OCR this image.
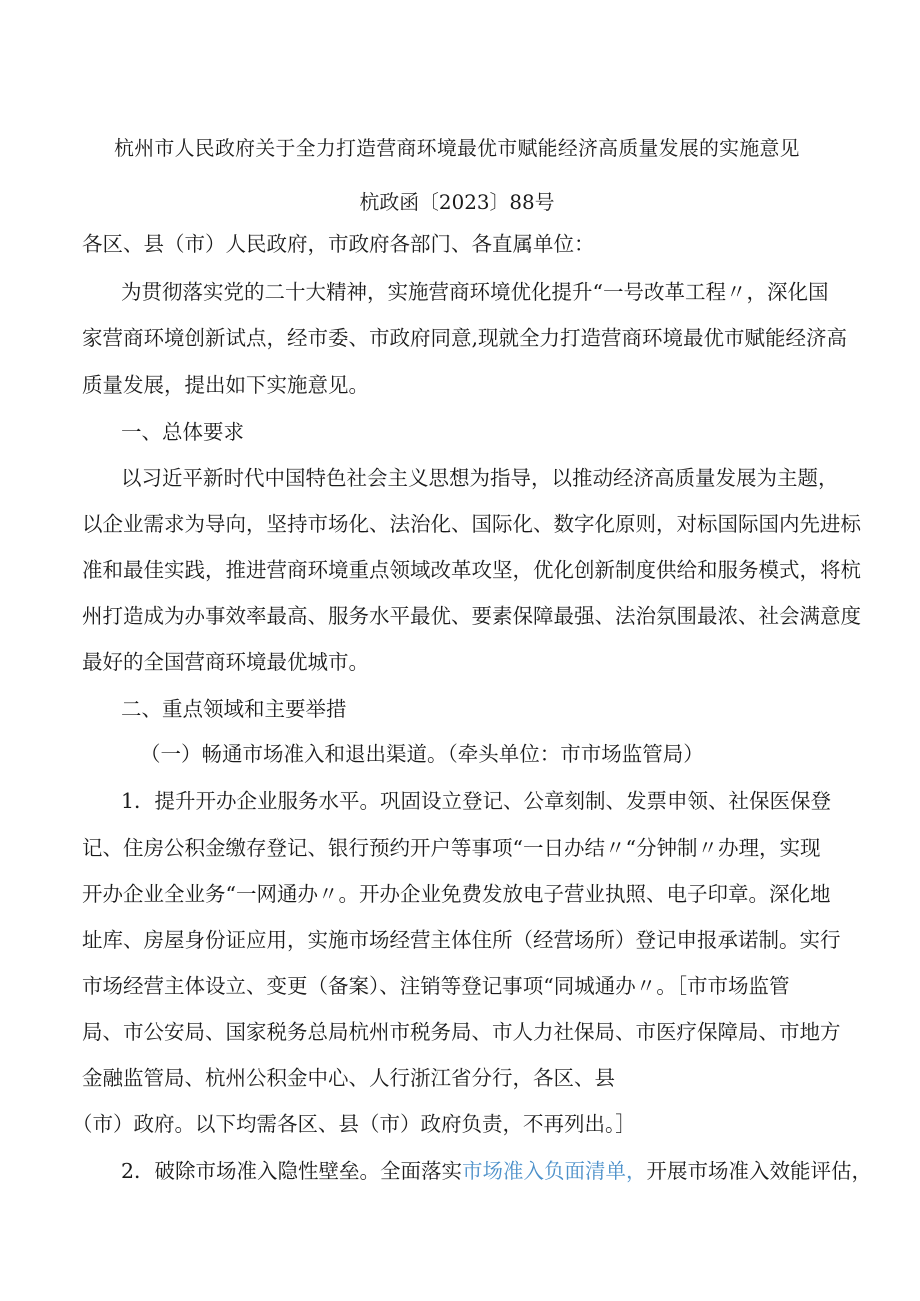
杭州市人民政府关于全力打造营商环境最优市赋能经济高质量发展的实施意见
杭政函〔2023〕88号
各区、县（市）人民政府，市政府各部门、各直属单位：
为贯彻落实党的二十大精神，实施营商环境优化提升“一号改革工程〃，深化国
家营商环境创新试点，经市委、市政府同意,现就全力打造营商环境最优市赋能经济高
质量发展，提出如下实施意见。
一、总体要求
以习近平新时代中国特色社会主义思想为指导，以推动经济高质量发展为主题，
以企业需求为导向，坚持市场化、法治化、国际化、数字化原则，对标国际国内先进标
准和最佳实践，推进营商环境重点领域改革攻坚，优化创新制度供给和服务模式，将杭
州打造成为办事效率最高、服务水平最优、要素保障最强、法治氛围最浓、社会满意度
最好的全国营商环境最优城市。
二、重点领域和主要举措
（一）畅通市场准入和退出渠道。（牵头单位：市市场监管局）
1．提升开办企业服务水平。巩固设立登记、公章刻制、发票申领、社保医保登
记、住房公积金缴存登记、银行预约开户等事项“一日办结〃“分钟制〃办理，实现
开办企业全业务“一网通办〃。开办企业免费发放电子营业执照、电子印章。深化地
址库、房屋身份证应用，实施市场经营主体住所（经营场所）登记申报承诺制。实行
市场经营主体设立、变更（备案）、注销等登记事项“同城通办〃。［市市场监管
局、市公安局、国家税务总局杭州市税务局、市人力社保局、市医疗保障局、市地方
金融监管局、杭州公积金中心、人行浙江省分行，各区、县
（市）政府。以下均需各区、县（市）政府负责，不再列出。］
2．破除市场准入隐性壁垒。全面落实市场准入负面清单，开展市场准入效能评估，
